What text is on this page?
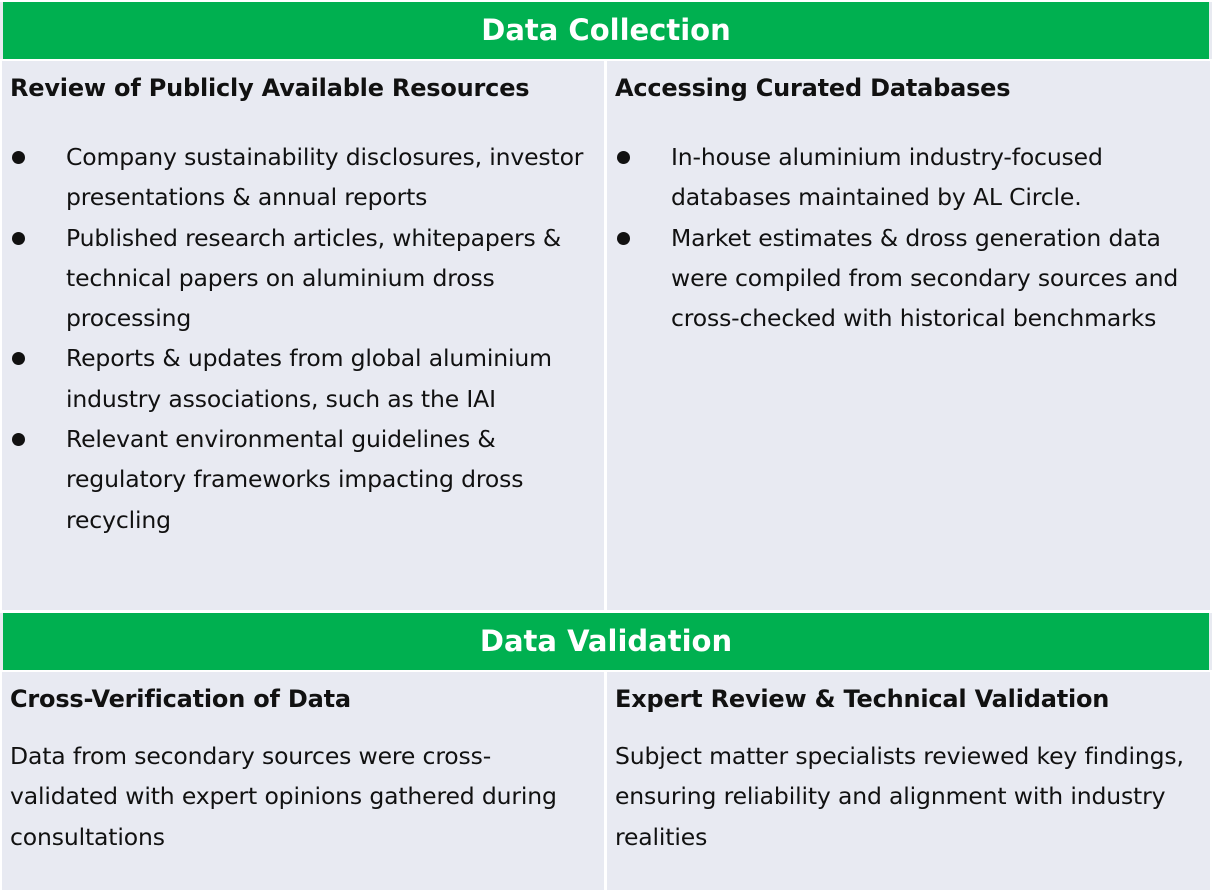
Data Collection
Review of Publicly Available Resources
Company sustainability disclosures, investor presentations & annual reports
Published research articles, whitepapers & technical papers on aluminium dross processing
Reports & updates from global aluminium industry associations, such as the IAI
Relevant environmental guidelines & regulatory frameworks impacting dross recycling
Accessing Curated Databases
In-house aluminium industry-focused databases maintained by AL Circle.
Market estimates & dross generation data were compiled from secondary sources and cross-checked with historical benchmarks
Data Validation
Cross-Verification of Data
Data from secondary sources were cross-validated with expert opinions gathered during consultations
Expert Review & Technical Validation
Subject matter specialists reviewed key findings, ensuring reliability and alignment with industry realities
